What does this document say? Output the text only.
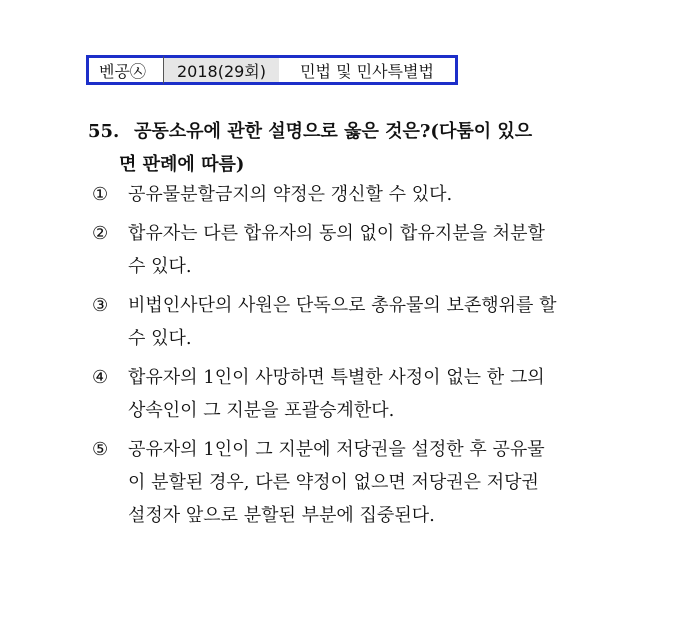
벤공㉦	2018(29회)	민법 및 민사특별법
55. 공동소유에 관한 설명으로 옳은 것은?(다툼이 있으
면 판례에 따름)
①	공유물분할금지의 약정은 갱신할 수 있다.
②	합유자는 다른 합유자의 동의 없이 합유지분을 처분할
수 있다.
③	비법인사단의 사원은 단독으로 총유물의 보존행위를 할
수 있다.
④	합유자의 1인이 사망하면 특별한 사정이 없는 한 그의
상속인이 그 지분을 포괄승계한다.
⑤	공유자의 1인이 그 지분에 저당권을 설정한 후 공유물
이 분할된 경우, 다른 약정이 없으면 저당권은 저당권
설정자 앞으로 분할된 부분에 집중된다.
